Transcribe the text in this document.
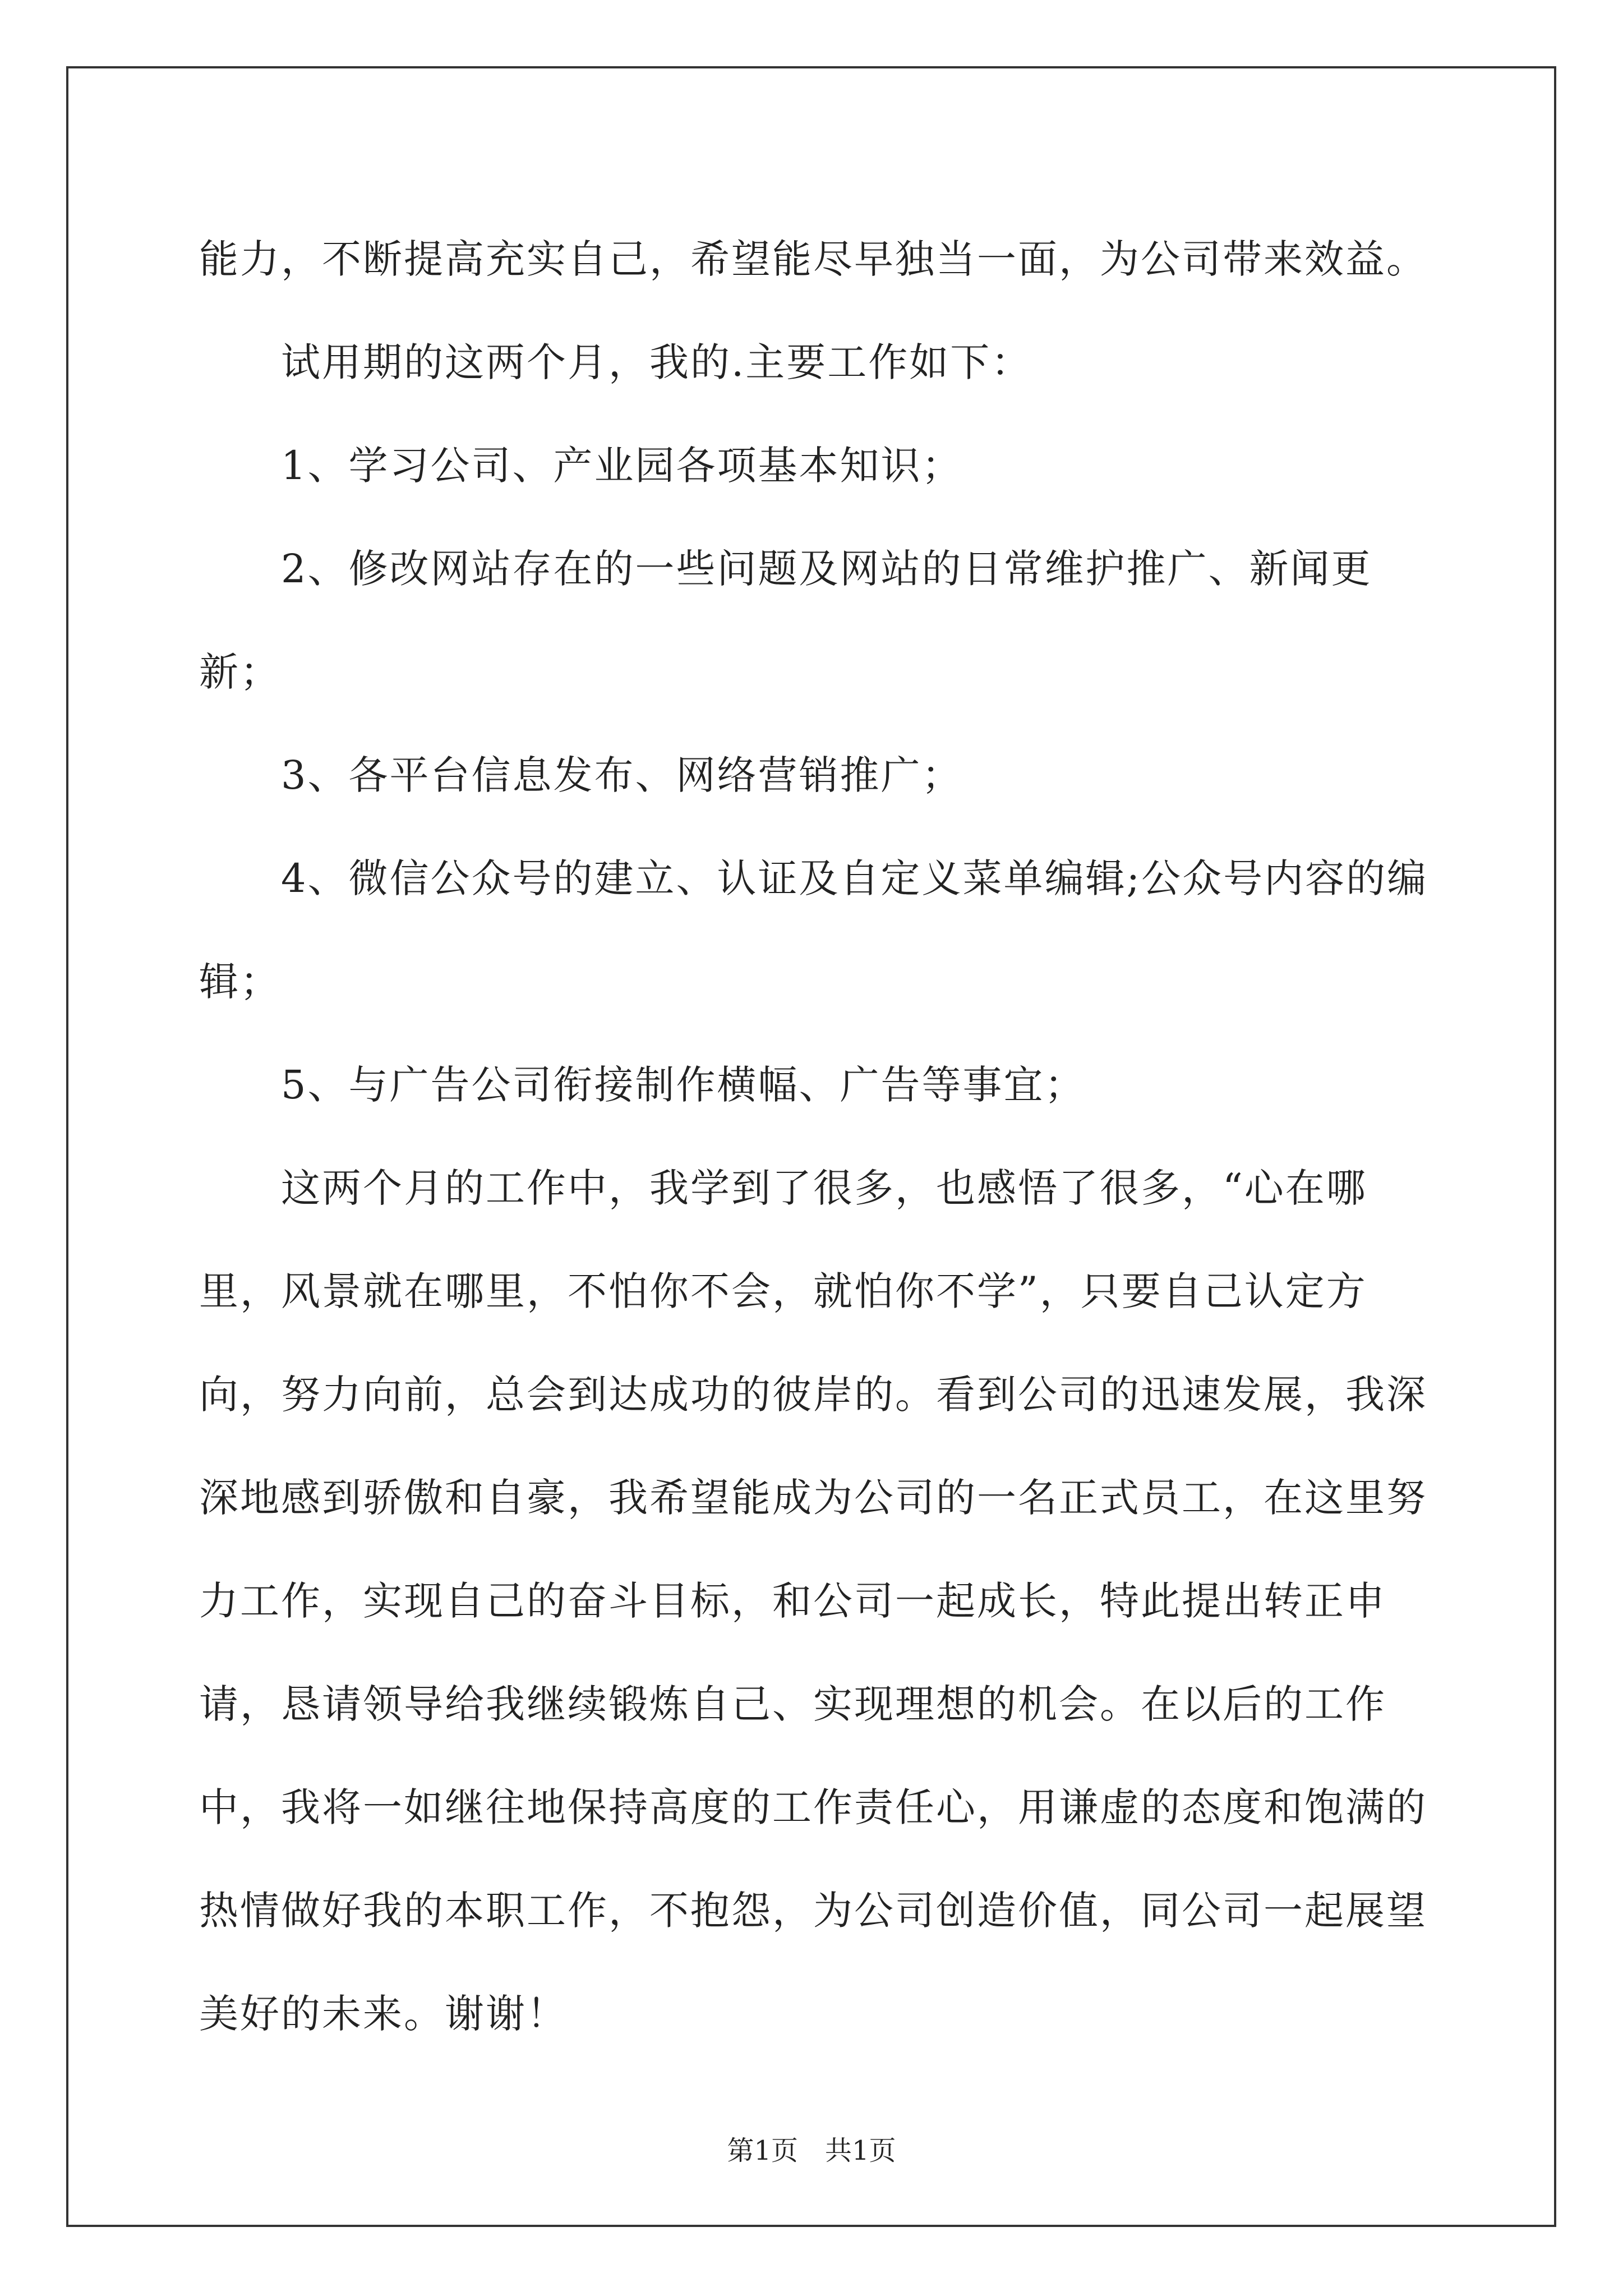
能力，不断提高充实自己，希望能尽早独当一面，为公司带来效益。

　　试用期的这两个月，我的.主要工作如下：

　　1、学习公司、产业园各项基本知识；

　　2、修改网站存在的一些问题及网站的日常维护推广、新闻更新；

　　3、各平台信息发布、网络营销推广；

　　4、微信公众号的建立、认证及自定义菜单编辑;公众号内容的编辑；

　　5、与广告公司衔接制作横幅、广告等事宜；

　　这两个月的工作中，我学到了很多，也感悟了很多，“心在哪里，风景就在哪里，不怕你不会，就怕你不学”，只要自己认定方向，努力向前，总会到达成功的彼岸的。看到公司的迅速发展，我深深地感到骄傲和自豪，我希望能成为公司的一名正式员工，在这里努力工作，实现自己的奋斗目标，和公司一起成长，特此提出转正申请，恳请领导给我继续锻炼自己、实现理想的机会。在以后的工作中，我将一如继往地保持高度的工作责任心，用谦虚的态度和饱满的热情做好我的本职工作，不抱怨，为公司创造价值，同公司一起展望美好的未来。谢谢！

第1页　共1页
